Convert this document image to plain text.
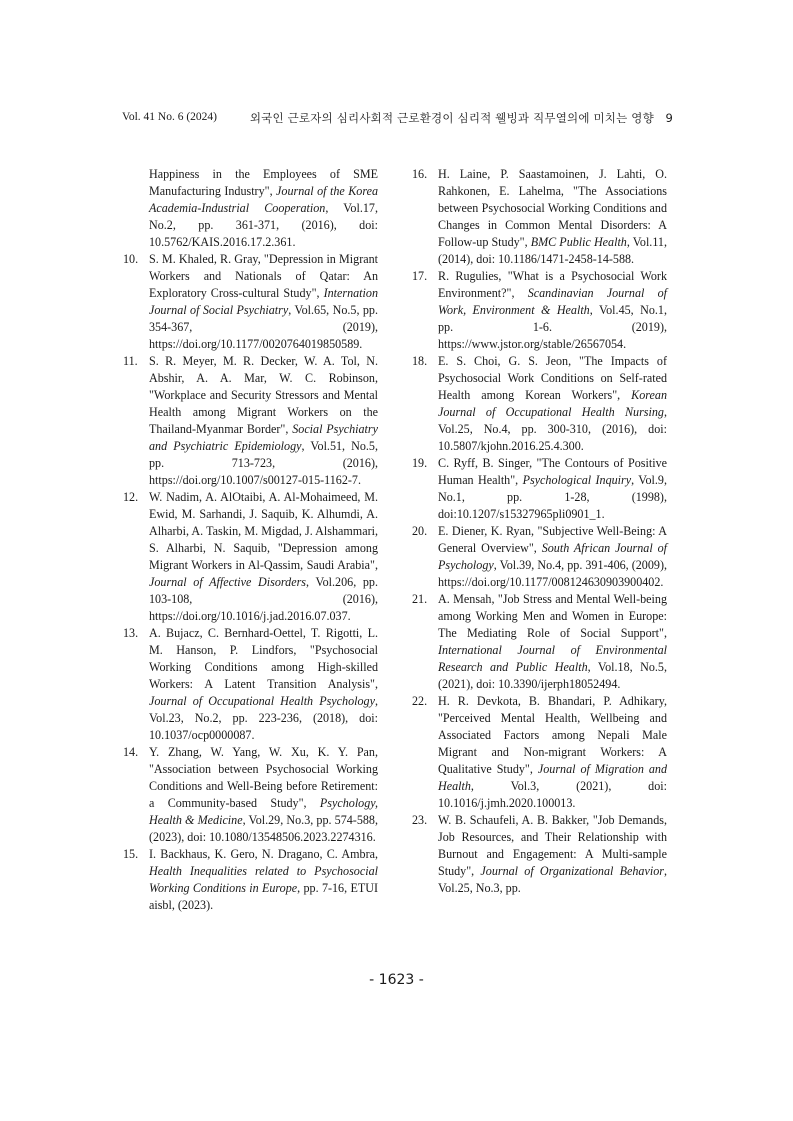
Vol. 41 No. 6 (2024)	외국인 근로자의 심리사회적 근로환경이 심리적 웰빙과 직무열의에 미치는 영향 9
Happiness in the Employees of SME Manufacturing Industry", Journal of the Korea Academia-Industrial Cooperation, Vol.17, No.2, pp. 361-371, (2016), doi: 10.5762/KAIS.2016.17.2.361.
10. S. M. Khaled, R. Gray, "Depression in Migrant Workers and Nationals of Qatar: An Exploratory Cross-cultural Study", Internation Journal of Social Psychiatry, Vol.65, No.5, pp. 354-367, (2019), https://doi.org/10.1177/0020764019850589.
11. S. R. Meyer, M. R. Decker, W. A. Tol, N. Abshir, A. A. Mar, W. C. Robinson, "Workplace and Security Stressors and Mental Health among Migrant Workers on the Thailand-Myanmar Border", Social Psychiatry and Psychiatric Epidemiology, Vol.51, No.5, pp. 713-723, (2016), https://doi.org/10.1007/s00127-015-1162-7.
12. W. Nadim, A. AlOtaibi, A. Al-Mohaimeed, M. Ewid, M. Sarhandi, J. Saquib, K. Alhumdi, A. Alharbi, A. Taskin, M. Migdad, J. Alshammari, S. Alharbi, N. Saquib, "Depression among Migrant Workers in Al-Qassim, Saudi Arabia", Journal of Affective Disorders, Vol.206, pp. 103-108, (2016), https://doi.org/10.1016/j.jad.2016.07.037.
13. A. Bujacz, C. Bernhard-Oettel, T. Rigotti, L. M. Hanson, P. Lindfors, "Psychosocial Working Conditions among High-skilled Workers: A Latent Transition Analysis", Journal of Occupational Health Psychology, Vol.23, No.2, pp. 223-236, (2018), doi: 10.1037/ocp0000087.
14. Y. Zhang, W. Yang, W. Xu, K. Y. Pan, "Association between Psychosocial Working Conditions and Well-Being before Retirement: a Community-based Study", Psychology, Health & Medicine, Vol.29, No.3, pp. 574-588, (2023), doi: 10.1080/13548506.2023.2274316.
15. I. Backhaus, K. Gero, N. Dragano, C. Ambra, Health Inequalities related to Psychosocial Working Conditions in Europe, pp. 7-16, ETUI aisbl, (2023).
16. H. Laine, P. Saastamoinen, J. Lahti, O. Rahkonen, E. Lahelma, "The Associations between Psychosocial Working Conditions and Changes in Common Mental Disorders: A Follow-up Study", BMC Public Health, Vol.11, (2014), doi: 10.1186/1471-2458-14-588.
17. R. Rugulies, "What is a Psychosocial Work Environment?", Scandinavian Journal of Work, Environment & Health, Vol.45, No.1, pp. 1-6. (2019), https://www.jstor.org/stable/26567054.
18. E. S. Choi, G. S. Jeon, "The Impacts of Psychosocial Work Conditions on Self-rated Health among Korean Workers", Korean Journal of Occupational Health Nursing, Vol.25, No.4, pp. 300-310, (2016), doi: 10.5807/kjohn.2016.25.4.300.
19. C. Ryff, B. Singer, "The Contours of Positive Human Health", Psychological Inquiry, Vol.9, No.1, pp. 1-28, (1998), doi:10.1207/s15327965pli0901_1.
20. E. Diener, K. Ryan, "Subjective Well-Being: A General Overview", South African Journal of Psychology, Vol.39, No.4, pp. 391-406, (2009), https://doi.org/10.1177/008124630903900402.
21. A. Mensah, "Job Stress and Mental Well-being among Working Men and Women in Europe: The Mediating Role of Social Support", International Journal of Environmental Research and Public Health, Vol.18, No.5, (2021), doi: 10.3390/ijerph18052494.
22. H. R. Devkota, B. Bhandari, P. Adhikary, "Perceived Mental Health, Wellbeing and Associated Factors among Nepali Male Migrant and Non-migrant Workers: A Qualitative Study", Journal of Migration and Health, Vol.3, (2021), doi: 10.1016/j.jmh.2020.100013.
23. W. B. Schaufeli, A. B. Bakker, "Job Demands, Job Resources, and Their Relationship with Burnout and Engagement: A Multi-sample Study", Journal of Organizational Behavior, Vol.25, No.3, pp.
- 1623 -
